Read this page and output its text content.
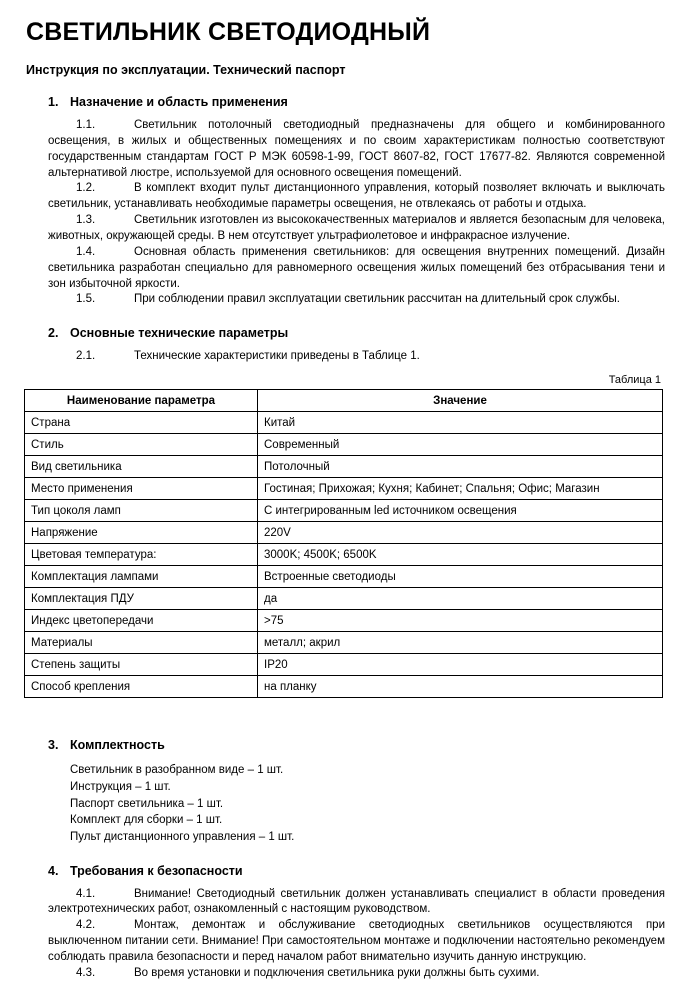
СВЕТИЛЬНИК СВЕТОДИОДНЫЙ
Инструкция по эксплуатации. Технический паспорт
1. Назначение и область применения
1.1.	Светильник потолочный светодиодный предназначены для общего и комбинированного освещения, в жилых и общественных помещениях и по своим характеристикам полностью соответствуют государственным стандартам ГОСТ Р МЭК 60598-1-99, ГОСТ 8607-82, ГОСТ 17677-82. Являются современной альтернативой люстре, используемой для основного освещения помещений.
1.2.	В комплект входит пульт дистанционного управления, который позволяет включать и выключать светильник, устанавливать необходимые параметры освещения, не отвлекаясь от работы и отдыха.
1.3.	Светильник изготовлен из высококачественных материалов и является безопасным для человека, животных, окружающей среды. В нем отсутствует ультрафиолетовое и инфракрасное излучение.
1.4.	Основная область применения светильников: для освещения внутренних помещений. Дизайн светильника разработан специально для равномерного освещения жилых помещений без отбрасывания тени и зон избыточной яркости.
1.5.	При соблюдении правил эксплуатации светильник рассчитан на длительный срок службы.
2. Основные технические параметры
2.1.	Технические характеристики приведены в Таблице 1.
Таблица 1
Наименование параметра	Значение
Страна	Китай
Стиль	Современный
Вид светильника	Потолочный
Место применения	Гостиная; Прихожая; Кухня; Кабинет; Спальня; Офис; Магазин
Тип цоколя ламп	С интегрированным led источником освещения
Напряжение	220V
Цветовая температура:	3000K; 4500K; 6500K
Комплектация лампами	Встроенные светодиоды
Комплектация ПДУ	да
Индекс цветопередачи	>75
Материалы	металл; акрил
Степень защиты	IP20
Способ крепления	на планку
3. Комплектность
Светильник в разобранном виде – 1 шт.
Инструкция – 1 шт.
Паспорт светильника – 1 шт.
Комплект для сборки – 1 шт.
Пульт дистанционного управления – 1 шт.
4. Требования к безопасности
4.1.	Внимание! Светодиодный светильник должен устанавливать специалист в области проведения электротехнических работ, ознакомленный с настоящим руководством.
4.2.	Монтаж, демонтаж и обслуживание светодиодных светильников осуществляются при выключенном питании сети. Внимание! При самостоятельном монтаже и подключении настоятельно рекомендуем соблюдать правила безопасности и перед началом работ внимательно изучить данную инструкцию.
4.3.	Во время установки и подключения светильника руки должны быть сухими.
